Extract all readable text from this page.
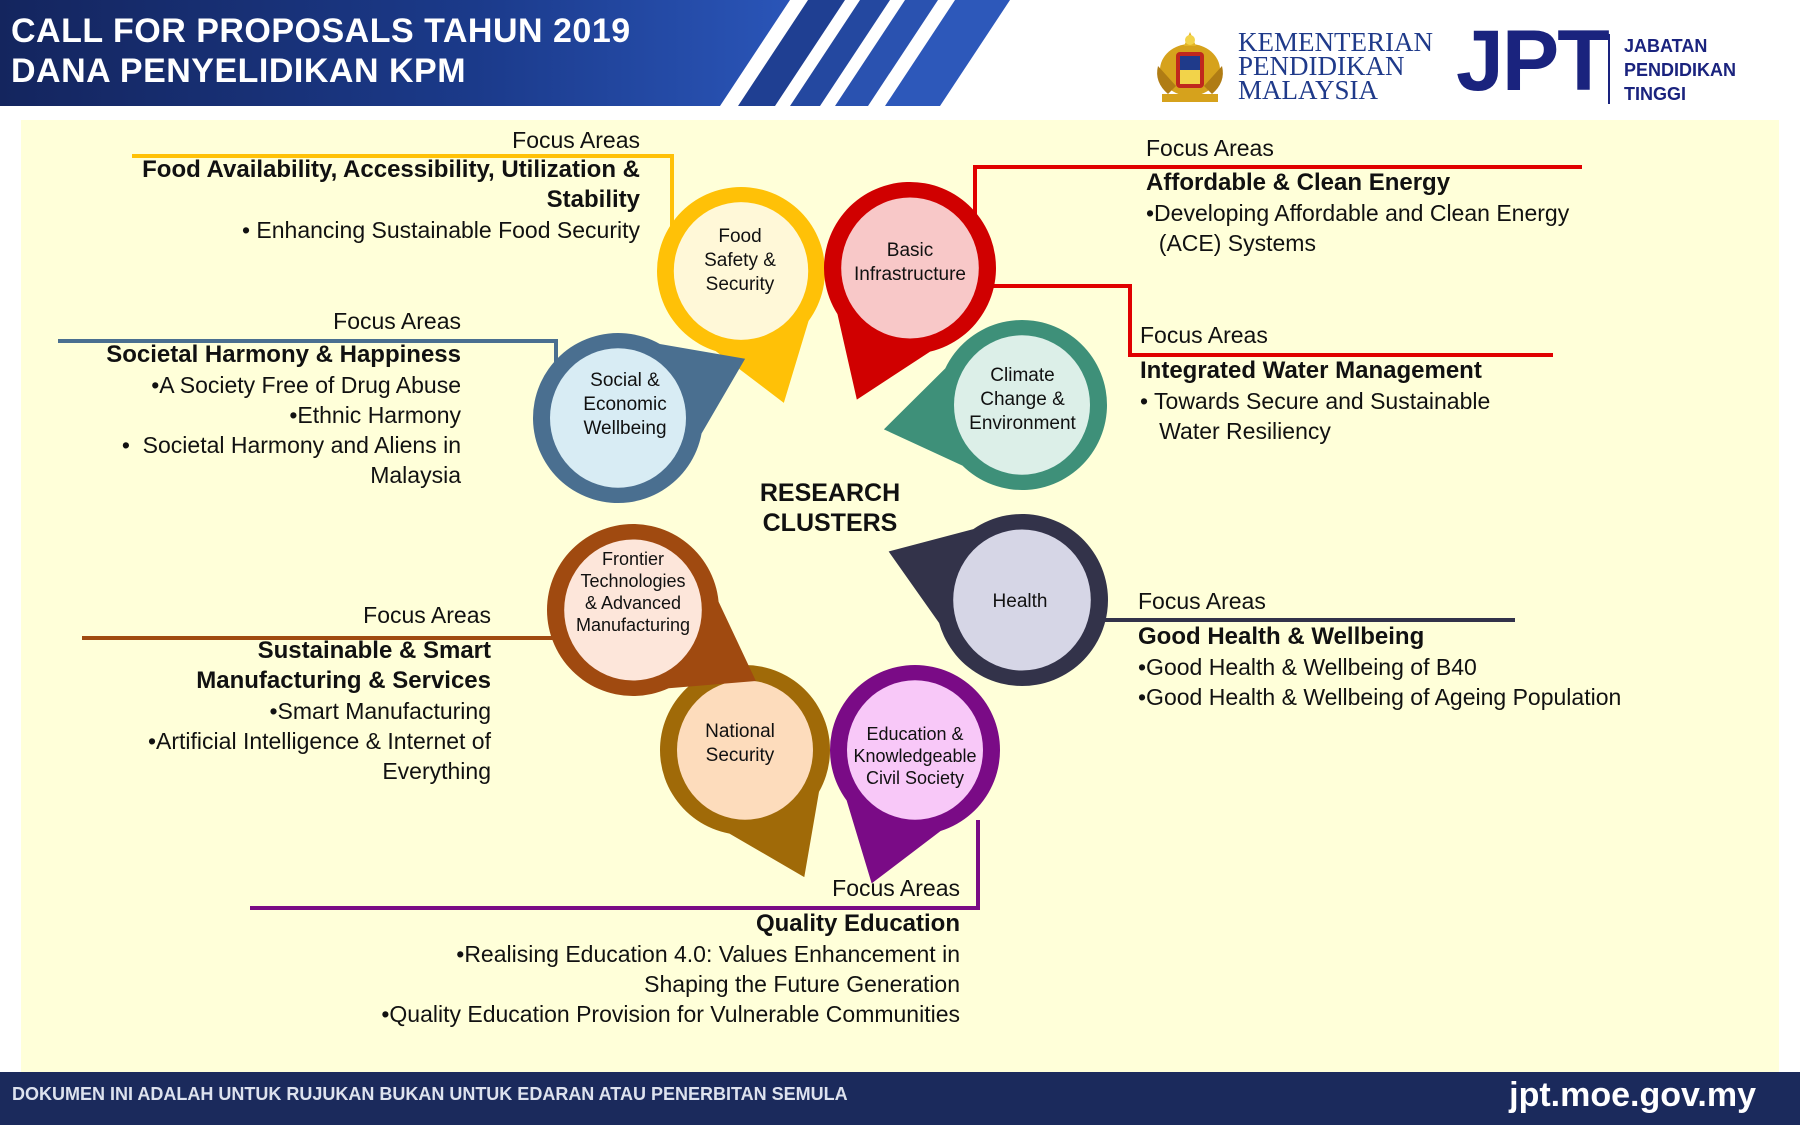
CALL FOR PROPOSALS TAHUN 2019
DANA PENYELIDIKAN KPM
KEMENTERIAN
PENDIDIKAN
MALAYSIA JPT JABATAN
PENDIDIKAN
TINGGI
RESEARCH
CLUSTERS
Food
Safety &
Security
Basic
Infrastructure
Climate
Change &
Environment
Health
Education &
Knowledgeable
Civil Society
National
Security
Frontier
Technologies
& Advanced
Manufacturing
Social &
Economic
Wellbeing
Focus Areas
Food Availability, Accessibility, Utilization &
Stability
• Enhancing Sustainable Food Security
Focus Areas
Affordable & Clean Energy
•Developing Affordable and Clean Energy
(ACE) Systems
Focus Areas
Integrated Water Management
• Towards Secure and Sustainable
Water Resiliency
Focus Areas
Societal Harmony & Happiness
•A Society Free of Drug Abuse
•Ethnic Harmony
•  Societal Harmony and Aliens in
Malaysia
Focus Areas
Sustainable & Smart
Manufacturing & Services
•Smart Manufacturing
•Artificial Intelligence & Internet of
Everything
Focus Areas
Good Health & Wellbeing
•Good Health & Wellbeing of B40
•Good Health & Wellbeing of Ageing Population
Focus Areas
Quality Education
•Realising Education 4.0: Values Enhancement in
Shaping the Future Generation
•Quality Education Provision for Vulnerable Communities
DOKUMEN INI ADALAH UNTUK RUJUKAN BUKAN UNTUK EDARAN ATAU PENERBITAN SEMULA	jpt.moe.gov.my
